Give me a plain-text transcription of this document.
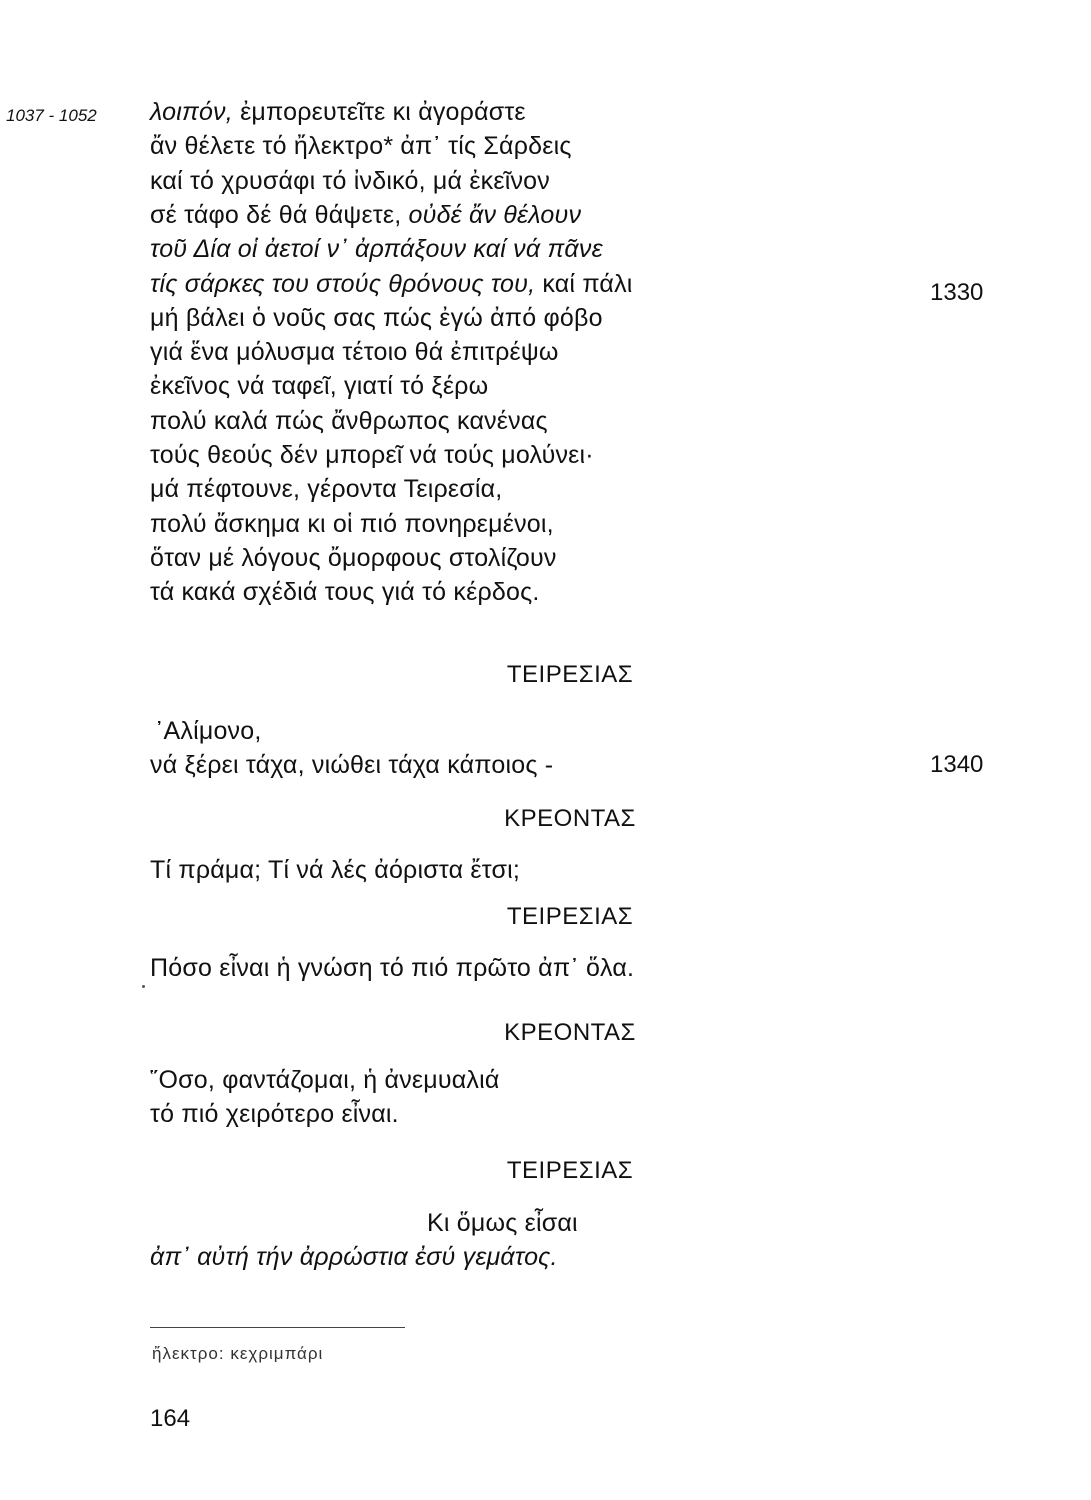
1037 - 1052 λοιπόν, ἐμπορευτεῖτε κι ἀγοράστε
ἄν θέλετε τό ἤλεκτρο* ἀπ᾽ τίς Σάρδεις
καί τό χρυσάφι τό ἰνδικό, μά ἐκεῖνον
σέ τάφο δέ θά θάψετε, οὐδέ ἄν θέλουν
τοῦ Δία οἱ ἀετοί ν᾽ ἀρπάξουν καί νά πᾶνε
τίς σάρκες του στούς θρόνους του, καί πάλι
μή βάλει ὁ νοῦς σας πώς ἐγώ ἀπό φόβο
γιά ἕνα μόλυσμα τέτοιο θά ἐπιτρέψω
ἐκεῖνος νά ταφεῖ, γιατί τό ξέρω
πολύ καλά πώς ἄνθρωπος κανένας
τούς θεούς δέν μπορεῖ νά τούς μολύνει·
μά πέφτουνε, γέροντα Τειρεσία,
πολύ ἄσκημα κι οἱ πιό πονηρεμένοι,
ὅταν μέ λόγους ὄμορφους στολίζουν
τά κακά σχέδιά τους γιά τό κέρδος.
1330
ΤΕΙΡΕΣΙΑΣ
᾽Αλίμονο,
νά ξέρει τάχα, νιώθει τάχα κάποιος -	1340
ΚΡΕΟΝΤΑΣ
Τί πράμα; Τί νά λές ἀόριστα ἔτσι;
ΤΕΙΡΕΣΙΑΣ
Πόσο εἶναι ἡ γνώση τό πιό πρῶτο ἀπ᾽ ὅλα.
ΚΡΕΟΝΤΑΣ
῞Οσο, φαντάζομαι, ἡ ἀνεμυαλιά
τό πιό χειρότερο εἶναι.
ΤΕΙΡΕΣΙΑΣ
Κι ὅμως εἶσαι
ἀπ᾽ αὐτή τήν ἀρρώστια ἐσύ γεμάτος.
ἤλεκτρο: κεχριμπάρι
164
